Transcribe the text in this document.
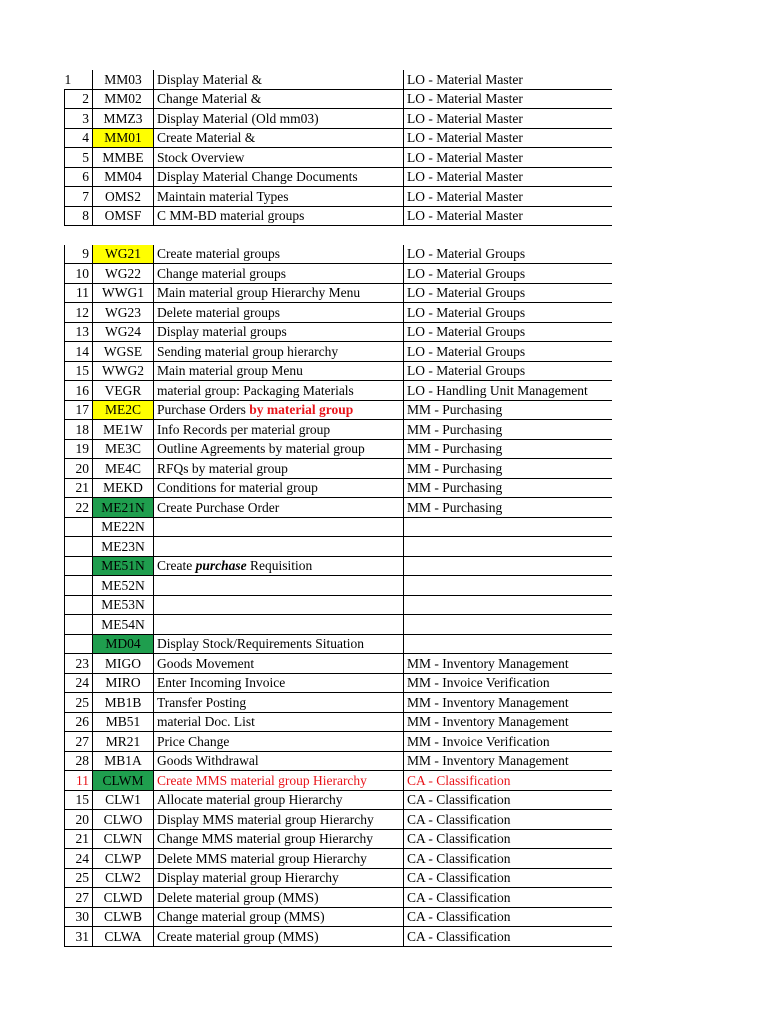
1	MM03	Display Material &	LO - Material Master
2	MM02	Change Material &	LO - Material Master
3	MMZ3	Display Material (Old mm03)	LO - Material Master
4	MM01	Create Material &	LO - Material Master
5	MMBE	Stock Overview	LO - Material Master
6	MM04	Display Material Change Documents	LO - Material Master
7	OMS2	Maintain material Types	LO - Material Master
8	OMSF	C MM-BD material groups	LO - Material Master

9	WG21	Create material groups	LO - Material Groups
10	WG22	Change material groups	LO - Material Groups
11	WWG1	Main material group Hierarchy Menu	LO - Material Groups
12	WG23	Delete material groups	LO - Material Groups
13	WG24	Display material groups	LO - Material Groups
14	WGSE	Sending material group hierarchy	LO - Material Groups
15	WWG2	Main material group Menu	LO - Material Groups
16	VEGR	material group: Packaging Materials	LO - Handling Unit Management
17	ME2C	Purchase Orders by material group	MM - Purchasing
18	ME1W	Info Records per material group	MM - Purchasing
19	ME3C	Outline Agreements by material group	MM - Purchasing
20	ME4C	RFQs by material group	MM - Purchasing
21	MEKD	Conditions for material group	MM - Purchasing
22	ME21N	Create Purchase Order	MM - Purchasing
	ME22N		
	ME23N		
	ME51N	Create purchase Requisition	
	ME52N		
	ME53N		
	ME54N		
	MD04	Display Stock/Requirements Situation	
23	MIGO	Goods Movement	MM - Inventory Management
24	MIRO	Enter Incoming Invoice	MM - Invoice Verification
25	MB1B	Transfer Posting	MM - Inventory Management
26	MB51	material Doc. List	MM - Inventory Management
27	MR21	Price Change	MM - Invoice Verification
28	MB1A	Goods Withdrawal	MM - Inventory Management
11	CLWM	Create MMS material group Hierarchy	CA - Classification
15	CLW1	Allocate material group Hierarchy	CA - Classification
20	CLWO	Display MMS material group Hierarchy	CA - Classification
21	CLWN	Change MMS material group Hierarchy	CA - Classification
24	CLWP	Delete MMS material group Hierarchy	CA - Classification
25	CLW2	Display material group Hierarchy	CA - Classification
27	CLWD	Delete material group (MMS)	CA - Classification
30	CLWB	Change material group (MMS)	CA - Classification
31	CLWA	Create material group (MMS)	CA - Classification
